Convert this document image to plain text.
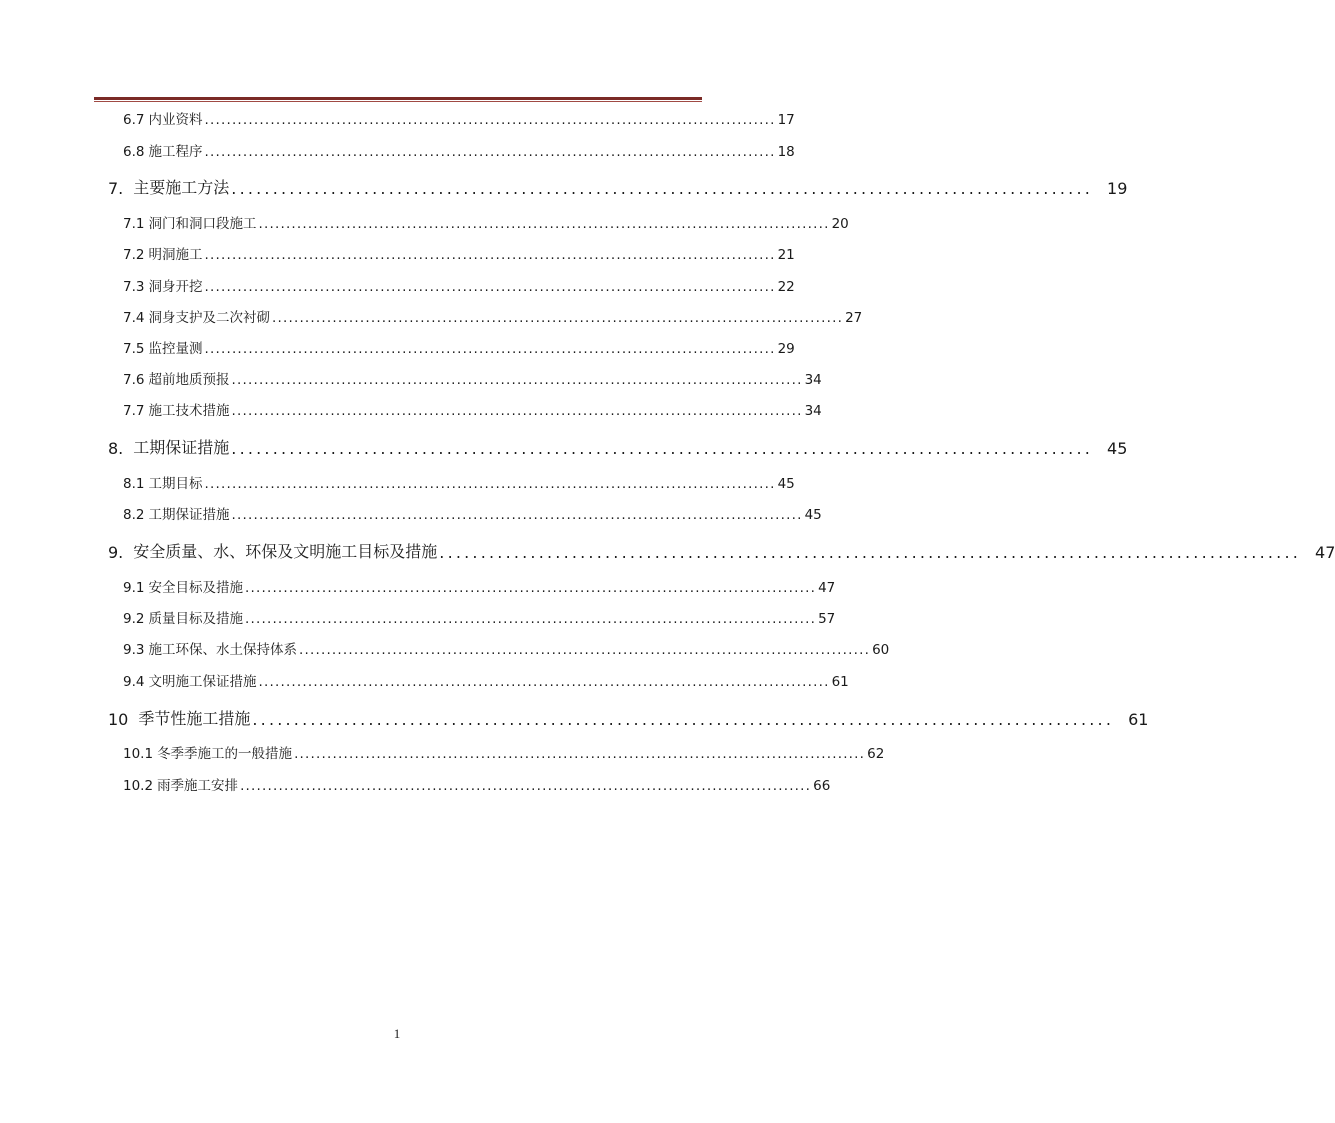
6.7 内业资料 ........................................................................................................ 17
6.8 施工程序 ........................................................................................................ 18
7. 主要施工方法 ........................................................................................................ 19
7.1 洞门和洞口段施工 ........................................................................................................ 20
7.2 明洞施工 ........................................................................................................ 21
7.3 洞身开挖 ........................................................................................................ 22
7.4 洞身支护及二次衬砌 ........................................................................................................ 27
7.5 监控量测 ........................................................................................................ 29
7.6 超前地质预报 ........................................................................................................ 34
7.7 施工技术措施 ........................................................................................................ 34
8. 工期保证措施 ........................................................................................................ 45
8.1 工期目标 ........................................................................................................ 45
8.2 工期保证措施 ........................................................................................................ 45
9. 安全质量、水、环保及文明施工目标及措施 ........................................................................................................ 47
9.1 安全目标及措施 ........................................................................................................ 47
9.2 质量目标及措施 ........................................................................................................ 57
9.3 施工环保、水土保持体系 ........................................................................................................ 60
9.4 文明施工保证措施 ........................................................................................................ 61
10 季节性施工措施 ........................................................................................................ 61
10.1 冬季季施工的一般措施 ........................................................................................................ 62
10.2 雨季施工安排 ........................................................................................................ 66
1
